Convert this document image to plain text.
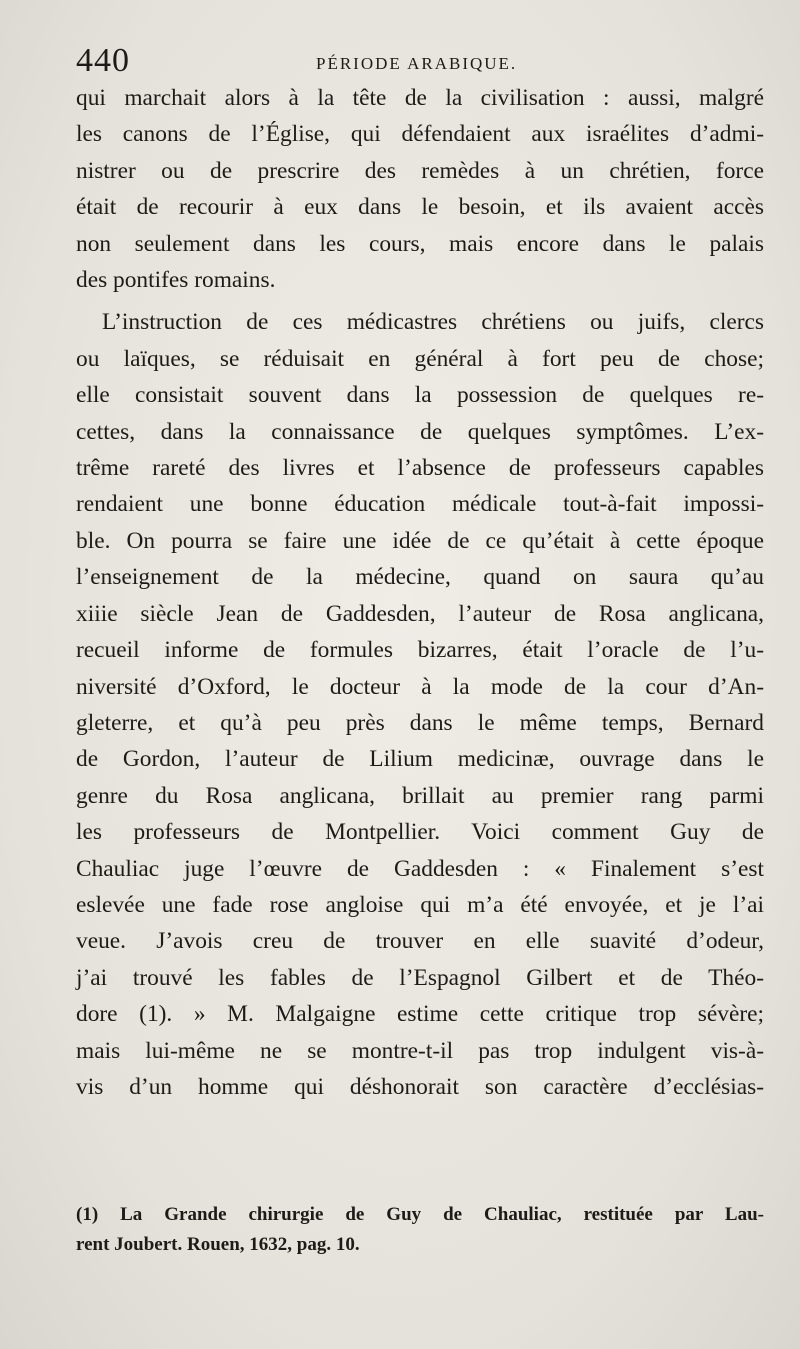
440	PÉRIODE ARABIQUE.

qui marchait alors à la tête de la civilisation : aussi, malgré
les canons de l’Église, qui défendaient aux israélites d’admi-
nistrer ou de prescrire des remèdes à un chrétien, force
était de recourir à eux dans le besoin, et ils avaient accès
non seulement dans les cours, mais encore dans le palais
des pontifes romains.

L’instruction de ces médicastres chrétiens ou juifs, clercs
ou laïques, se réduisait en général à fort peu de chose;
elle consistait souvent dans la possession de quelques re-
cettes, dans la connaissance de quelques symptômes. L’ex-
trême rareté des livres et l’absence de professeurs capables
rendaient une bonne éducation médicale tout-à-fait impossi-
ble. On pourra se faire une idée de ce qu’était à cette époque
l’enseignement de la médecine, quand on saura qu’au
xiiie siècle Jean de Gaddesden, l’auteur de Rosa anglicana,
recueil informe de formules bizarres, était l’oracle de l’u-
niversité d’Oxford, le docteur à la mode de la cour d’An-
gleterre, et qu’à peu près dans le même temps, Bernard
de Gordon, l’auteur de Lilium medicinæ, ouvrage dans le
genre du Rosa anglicana, brillait au premier rang parmi
les professeurs de Montpellier. Voici comment Guy de
Chauliac juge l’œuvre de Gaddesden : « Finalement s’est
eslevée une fade rose angloise qui m’a été envoyée, et je l’ai
veue. J’avois creu de trouver en elle suavité d’odeur,
j’ai trouvé les fables de l’Espagnol Gilbert et de Théo-
dore (1). » M. Malgaigne estime cette critique trop sévère;
mais lui-même ne se montre-t-il pas trop indulgent vis-à-
vis d’un homme qui déshonorait son caractère d’ecclésias-

(1) La Grande chirurgie de Guy de Chauliac, restituée par Lau-
rent Joubert. Rouen, 1632, pag. 10.
